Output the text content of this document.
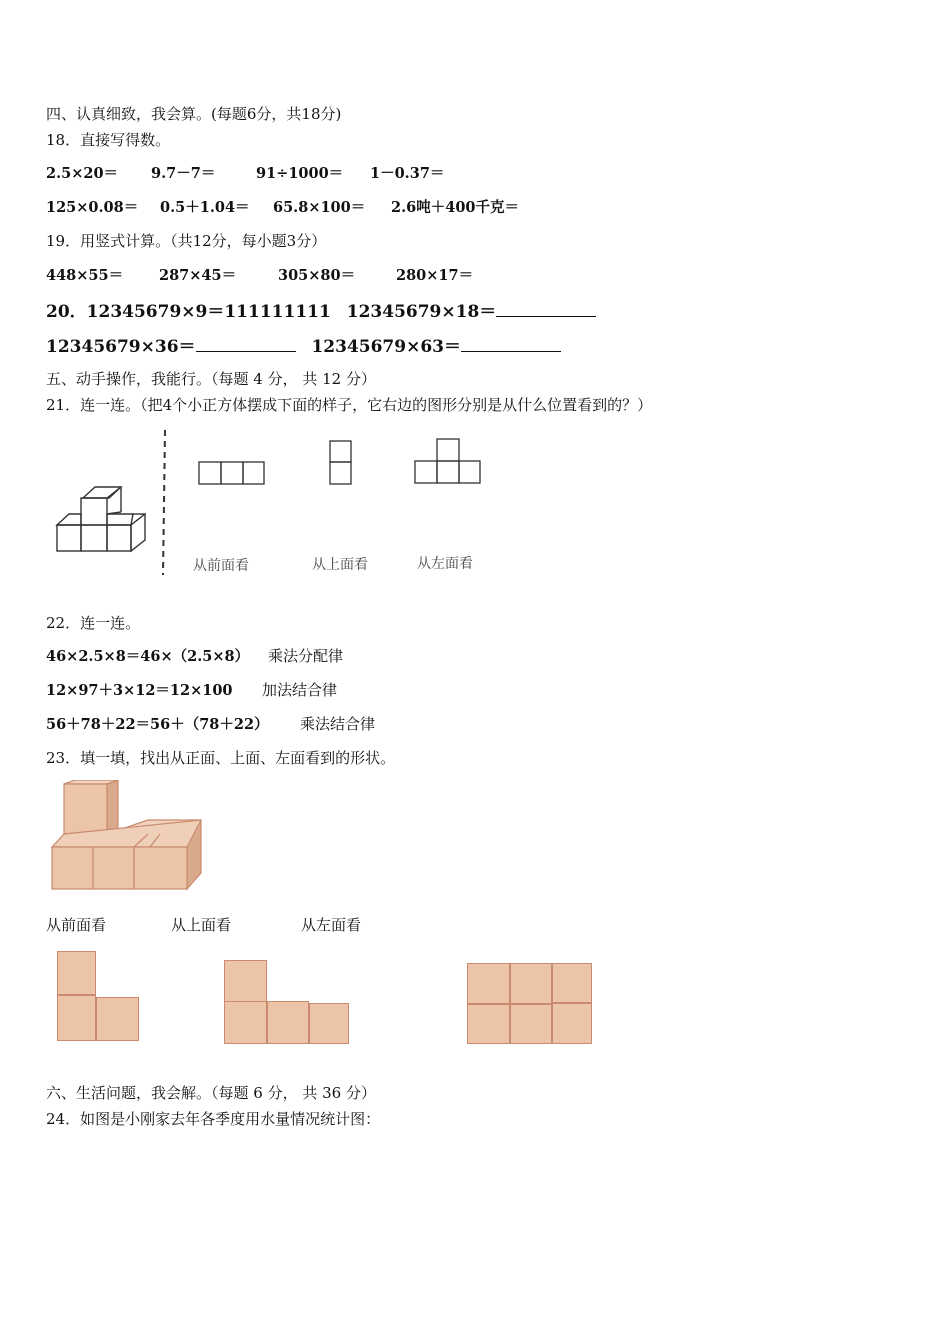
四、认真细致，我会算。(每题6分，共18分)
18．直接写得数。
2.5×20＝ 9.7－7＝	91÷1000＝ 1－0.37＝
125×0.08＝ 0.5＋1.04＝ 65.8×100＝ 2.6吨＋400千克＝
19．用竖式计算。（共12分，每小题3分）
448×55＝ 287×45＝	305×80＝	280×17＝
20．12345679×9＝111111111 12345679×18＝
12345679×36＝	12345679×63＝
五、动手操作，我能行。（每题 4 分， 共 12 分）
21．连一连。（把4个小正方体摆成下面的样子，它右边的图形分别是从什么位置看到的？）
从前面看	从上面看	从左面看
22．连一连。
46×2.5×8＝46×（2.5×8） 乘法分配律
12×97＋3×12＝12×100 加法结合律
56＋78＋22＝56＋（78＋22） 乘法结合律
23．填一填，找出从正面、上面、左面看到的形状。
从前面看	从上面看	从左面看
六、生活问题，我会解。（每题 6 分， 共 36 分）
24．如图是小刚家去年各季度用水量情况统计图：
